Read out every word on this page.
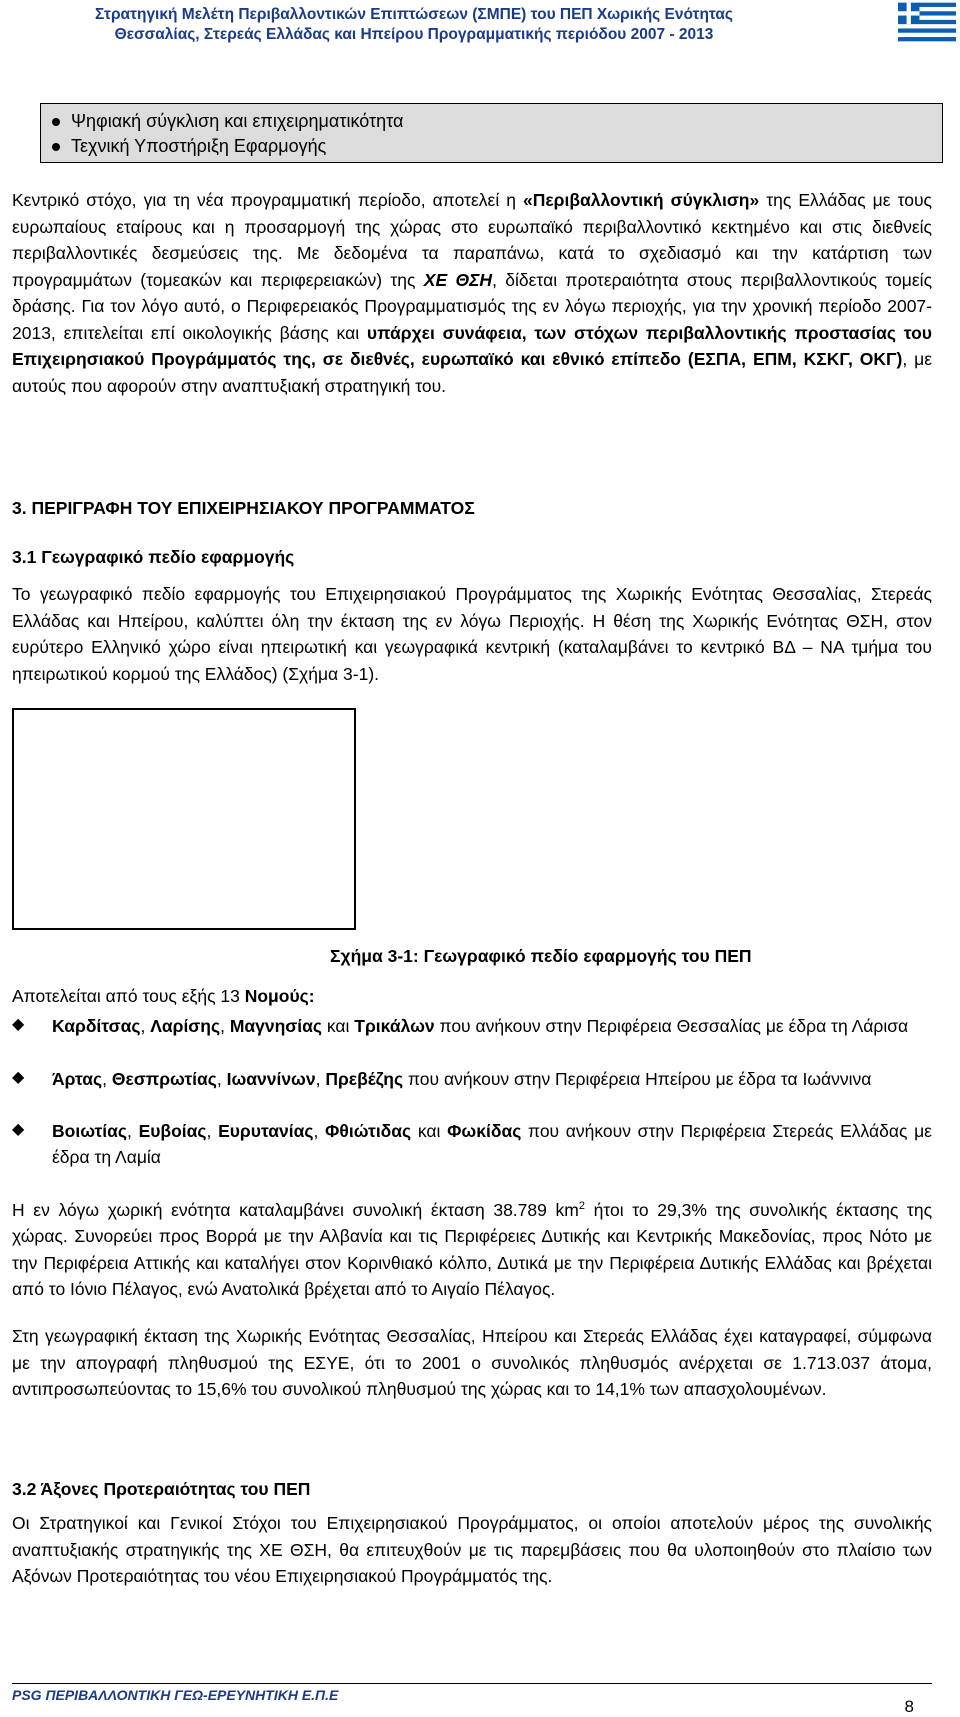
Στρατηγική Μελέτη Περιβαλλοντικών Επιπτώσεων (ΣΜΠΕ) του ΠΕΠ Χωρικής Ενότητας
Θεσσαλίας, Στερεάς Ελλάδας και Ηπείρου Προγραμματικής περιόδου 2007 - 2013
Ψηφιακή σύγκλιση και επιχειρηματικότητα
Τεχνική Υποστήριξη Εφαρμογής

Κεντρικό στόχο, για τη νέα προγραμματική περίοδο, αποτελεί η «Περιβαλλοντική σύγκλιση» της Ελλάδας με τους ευρωπαίους εταίρους και η προσαρμογή της χώρας στο ευρωπαϊκό περιβαλλοντικό κεκτημένο και στις διεθνείς περιβαλλοντικές δεσμεύσεις της. Με δεδομένα τα παραπάνω, κατά το σχεδιασμό και την κατάρτιση των προγραμμάτων (τομεακών και περιφερειακών) της ΧΕ ΘΣΗ, δίδεται προτεραιότητα στους περιβαλλοντικούς τομείς δράσης. Για τον λόγο αυτό, ο Περιφερειακός Προγραμματισμός της εν λόγω περιοχής, για την χρονική περίοδο 2007-2013, επιτελείται επί οικολογικής βάσης και υπάρχει συνάφεια, των στόχων περιβαλλοντικής προστασίας του Επιχειρησιακού Προγράμματός της, σε διεθνές, ευρωπαϊκό και εθνικό επίπεδο (ΕΣΠΑ, ΕΠΜ, ΚΣΚΓ, ΟΚΓ), με αυτούς που αφορούν στην αναπτυξιακή στρατηγική του.

3. ΠΕΡΙΓΡΑΦΗ ΤΟΥ ΕΠΙΧΕΙΡΗΣΙΑΚΟΥ ΠΡΟΓΡΑΜΜΑΤΟΣ
3.1 Γεωγραφικό πεδίο εφαρμογής

Το γεωγραφικό πεδίο εφαρμογής του Επιχειρησιακού Προγράμματος της Χωρικής Ενότητας Θεσσαλίας, Στερεάς Ελλάδας και Ηπείρου, καλύπτει όλη την έκταση της εν λόγω Περιοχής. Η θέση της Χωρικής Ενότητας ΘΣΗ, στον ευρύτερο Ελληνικό χώρο είναι ηπειρωτική και γεωγραφικά κεντρική (καταλαμβάνει το κεντρικό ΒΔ – ΝΑ τμήμα του ηπειρωτικού κορμού της Ελλάδος) (Σχήμα 3-1).

Σχήμα 3-1: Γεωγραφικό πεδίο εφαρμογής του ΠΕΠ
Αποτελείται από τους εξής 13 Νομούς:

◆ Καρδίτσας, Λαρίσης, Μαγνησίας και Τρικάλων που ανήκουν στην Περιφέρεια Θεσσαλίας με έδρα τη Λάρισα

◆ Άρτας, Θεσπρωτίας, Ιωαννίνων, Πρεβέζης που ανήκουν στην Περιφέρεια Ηπείρου με έδρα τα Ιωάννινα

◆ Βοιωτίας, Ευβοίας, Ευρυτανίας, Φθιώτιδας και Φωκίδας που ανήκουν στην Περιφέρεια Στερεάς Ελλάδας με έδρα τη Λαμία

Η εν λόγω χωρική ενότητα καταλαμβάνει συνολική έκταση 38.789 $km^2$ ήτοι το 29,3% της συνολικής έκτασης της χώρας. Συνορεύει προς Βορρά με την Αλβανία και τις Περιφέρειες Δυτικής και Κεντρικής Μακεδονίας, προς Νότο με την Περιφέρεια Αττικής και καταλήγει στον Κορινθιακό κόλπο, Δυτικά με την Περιφέρεια Δυτικής Ελλάδας και βρέχεται από το Ιόνιο Πέλαγος, ενώ Ανατολικά βρέχεται από το Αιγαίο Πέλαγος.

Στη γεωγραφική έκταση της Χωρικής Ενότητας Θεσσαλίας, Ηπείρου και Στερεάς Ελλάδας έχει καταγραφεί, σύμφωνα με την απογραφή πληθυσμού της ΕΣΥΕ, ότι το 2001 ο συνολικός πληθυσμός ανέρχεται σε 1.713.037 άτομα, αντιπροσωπεύοντας το 15,6% του συνολικού πληθυσμού της χώρας και το 14,1% των απασχολουμένων.

3.2 Άξονες Προτεραιότητας του ΠΕΠ

Οι Στρατηγικοί και Γενικοί Στόχοι του Επιχειρησιακού Προγράμματος, οι οποίοι αποτελούν μέρος της συνολικής αναπτυξιακής στρατηγικής της ΧΕ ΘΣΗ, θα επιτευχθούν με τις παρεμβάσεις που θα υλοποιηθούν στο πλαίσιο των Αξόνων Προτεραιότητας του νέου Επιχειρησιακού Προγράμματός της.

PSG ΠΕΡΙΒΑΛΛΟΝΤΙΚΗ ΓΕΩ-ΕΡΕΥΝΗΤΙΚΗ Ε.Π.Ε
8
